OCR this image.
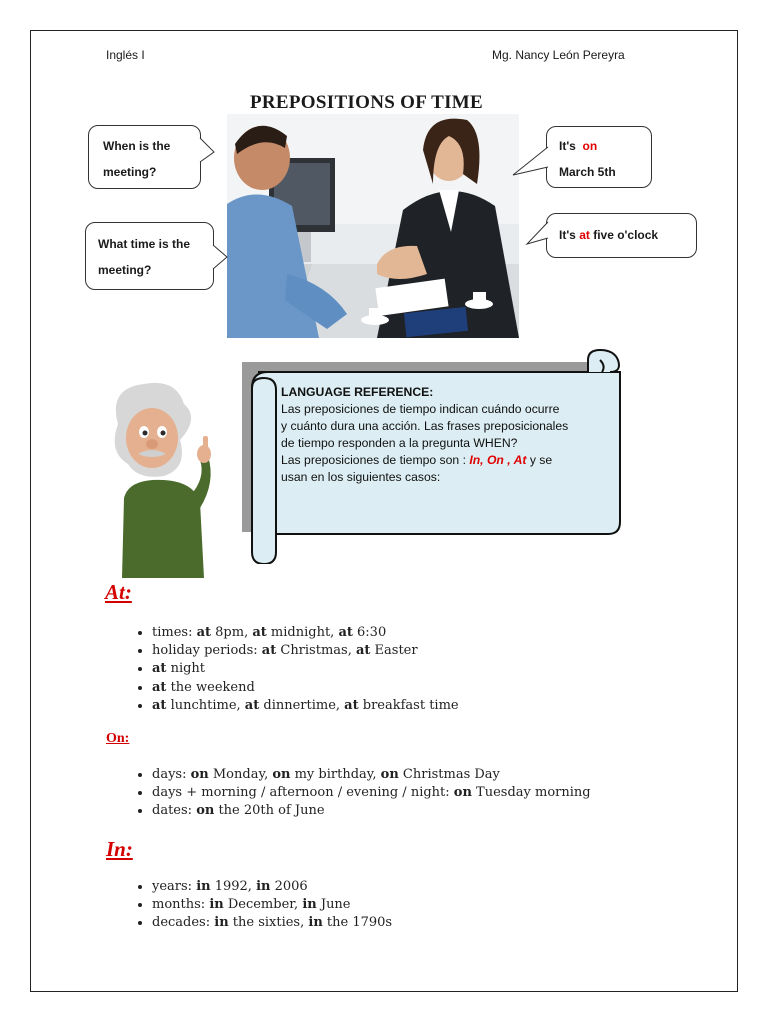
Inglés I	Mg. Nancy León Pereyra
PREPOSITIONS OF TIME
When is the
meeting?
What time is the
meeting?
It's on
March 5th
It's at five o'clock
LANGUAGE REFERENCE:
Las preposiciones de tiempo indican cuándo ocurre
y cuánto dura una acción. Las frases preposicionales
de tiempo responden a la pregunta WHEN?
Las preposiciones de tiempo son : In, On , At y se
usan en los siguientes casos:
At:
• times: at 8pm, at midnight, at 6:30
• holiday periods: at Christmas, at Easter
• at night
• at the weekend
• at lunchtime, at dinnertime, at breakfast time
On:
• days: on Monday, on my birthday, on Christmas Day
• days + morning / afternoon / evening / night: on Tuesday morning
• dates: on the 20th of June
In:
• years: in 1992, in 2006
• months: in December, in June
• decades: in the sixties, in the 1790s
